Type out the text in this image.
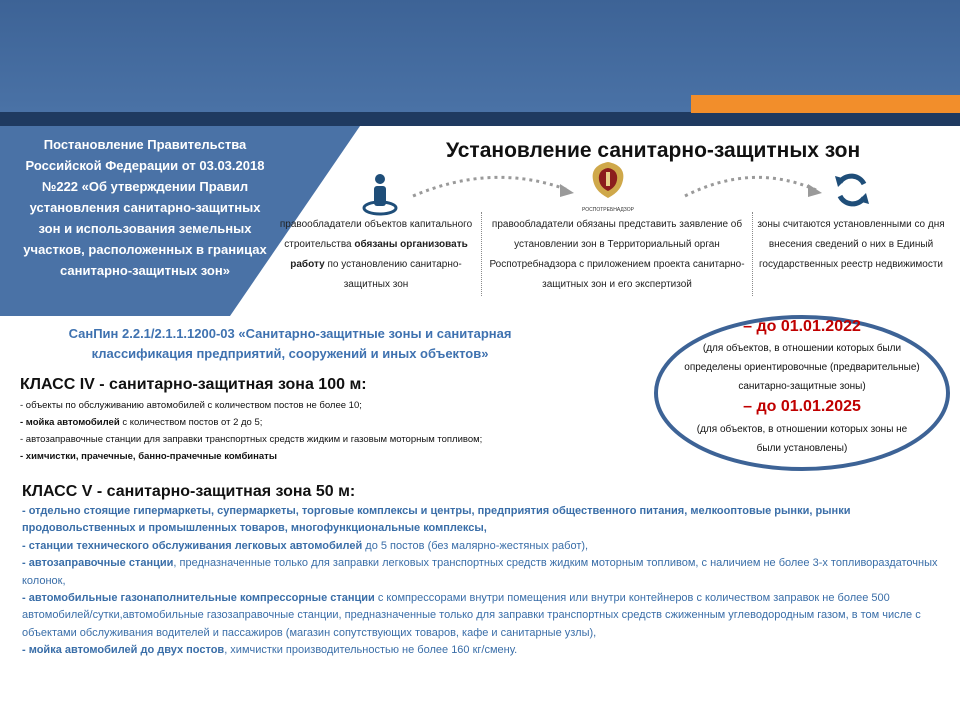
Постановление Правительства
Российской Федерации от 03.03.2018
№222 «Об утверждении Правил
установления санитарно-защитных
зон и использования земельных
участков, расположенных в границах
санитарно-защитных зон»
Установление санитарно-защитных зон
РОСПОТРЕБНАДЗОР
правообладатели объектов капитального строительства обязаны организовать работу по установлению санитарно-защитных зон
правообладатели обязаны представить заявление об установлении зон в Территориальный орган Роспотребнадзора с приложением проекта санитарно-защитных зон и его экспертизой
зоны считаются установленными со дня внесения сведений о них в Единый государственных реестр недвижимости
СанПин 2.2.1/2.1.1.1200-03 «Санитарно-защитные зоны и санитарная классификация предприятий, сооружений и иных объектов»
КЛАСС IV - санитарно-защитная зона 100 м:
- объекты по обслуживанию автомобилей с количеством постов не более 10;
- мойка автомобилей с количеством постов от 2 до 5;
- автозаправочные станции для заправки транспортных средств жидким и газовым моторным топливом;
- химчистки, прачечные, банно-прачечные комбинаты
– до 01.01.2022
(для объектов, в отношении которых были определены ориентировочные (предварительные) санитарно-защитные зоны)
– до 01.01.2025
(для объектов, в отношении которых зоны не были установлены)
КЛАСС V - санитарно-защитная зона 50 м:
- отдельно стоящие гипермаркеты, супермаркеты, торговые комплексы и центры, предприятия общественного питания, мелкооптовые рынки, рынки продовольственных и промышленных товаров, многофункциональные комплексы,
- станции технического обслуживания легковых автомобилей до 5 постов (без малярно-жестяных работ),
- автозаправочные станции, предназначенные только для заправки легковых транспортных средств жидким моторным топливом, с наличием не более 3-х топливораздаточных колонок,
- автомобильные газонаполнительные компрессорные станции с компрессорами внутри помещения или внутри контейнеров с количеством заправок не более 500 автомобилей/сутки,автомобильные газозаправочные станции, предназначенные только для заправки транспортных средств сжиженным углеводородным газом, в том числе с объектами обслуживания водителей и пассажиров (магазин сопутствующих товаров, кафе и санитарные узлы),
- мойка автомобилей до двух постов, химчистки производительностью не более 160 кг/смену.
